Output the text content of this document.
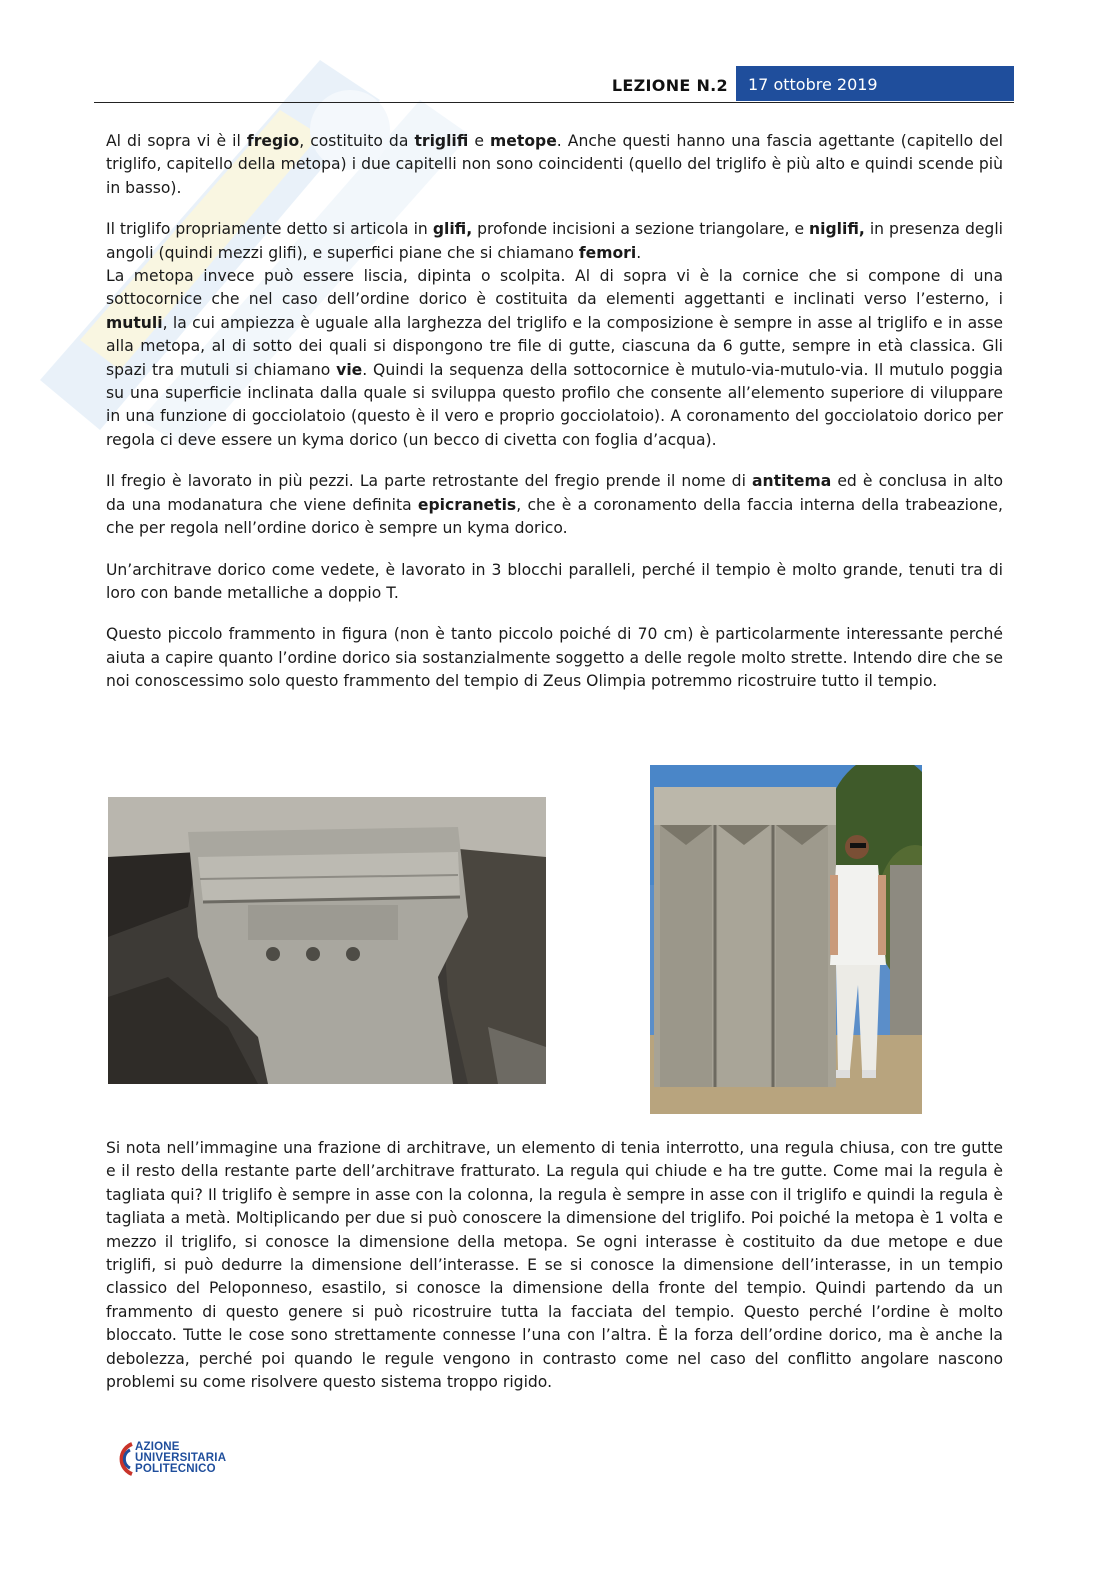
LEZIONE N.2	17 ottobre 2019

Al di sopra vi è il fregio, costituito da triglifi e metope. Anche questi hanno una fascia agettante (capitello del triglifo, capitello della metopa) i due capitelli non sono coincidenti (quello del triglifo è più alto e quindi scende più in basso).

Il triglifo propriamente detto si articola in glifi, profonde incisioni a sezione triangolare, e niglifi, in presenza degli angoli (quindi mezzi glifi), e superfici piane che si chiamano femori.

La metopa invece può essere liscia, dipinta o scolpita. Al di sopra vi è la cornice che si compone di una sottocornice che nel caso dell’ordine dorico è costituita da elementi aggettanti e inclinati verso l’esterno, i mutuli, la cui ampiezza è uguale alla larghezza del triglifo e la composizione è sempre in asse al triglifo e in asse alla metopa, al di sotto dei quali si dispongono tre file di gutte, ciascuna da 6 gutte, sempre in età classica. Gli spazi tra mutuli si chiamano vie. Quindi la sequenza della sottocornice è mutulo-via-mutulo-via. Il mutulo poggia su una superficie inclinata dalla quale si sviluppa questo profilo che consente all’elemento superiore di viluppare in una funzione di gocciolatoio (questo è il vero e proprio gocciolatoio). A coronamento del gocciolatoio dorico per regola ci deve essere un kyma dorico (un becco di civetta con foglia d’acqua).

Il fregio è lavorato in più pezzi. La parte retrostante del fregio prende il nome di antitema ed è conclusa in alto da una modanatura che viene definita epicranetis, che è a coronamento della faccia interna della trabeazione, che per regola nell’ordine dorico è sempre un kyma dorico.

Un’architrave dorico come vedete, è lavorato in 3 blocchi paralleli, perché il tempio è molto grande, tenuti tra di loro con bande metalliche a doppio T.

Questo piccolo frammento in figura (non è tanto piccolo poiché di 70 cm) è particolarmente interessante perché aiuta a capire quanto l’ordine dorico sia sostanzialmente soggetto a delle regole molto strette. Intendo dire che se noi conoscessimo solo questo frammento del tempio di Zeus Olimpia potremmo ricostruire tutto il tempio.

Si nota nell’immagine una frazione di architrave, un elemento di tenia interrotto, una regula chiusa, con tre gutte e il resto della restante parte dell’architrave fratturato. La regula qui chiude e ha tre gutte. Come mai la regula è tagliata qui? Il triglifo è sempre in asse con la colonna, la regula è sempre in asse con il triglifo e quindi la regula è tagliata a metà. Moltiplicando per due si può conoscere la dimensione del triglifo. Poi poiché la metopa è 1 volta e mezzo il triglifo, si conosce la dimensione della metopa. Se ogni interasse è costituito da due metope e due triglifi, si può dedurre la dimensione dell’interasse. E se si conosce la dimensione dell’interasse, in un tempio classico del Peloponneso, esastilo, si conosce la dimensione della fronte del tempio. Quindi partendo da un frammento di questo genere si può ricostruire tutta la facciata del tempio. Questo perché l’ordine è molto bloccato. Tutte le cose sono strettamente connesse l’una con l’altra. È la forza dell’ordine dorico, ma è anche la debolezza, perché poi quando le regule vengono in contrasto come nel caso del conflitto angolare nascono problemi su come risolvere questo sistema troppo rigido.

AZIONE
UNIVERSITARIA
POLITECNICO
